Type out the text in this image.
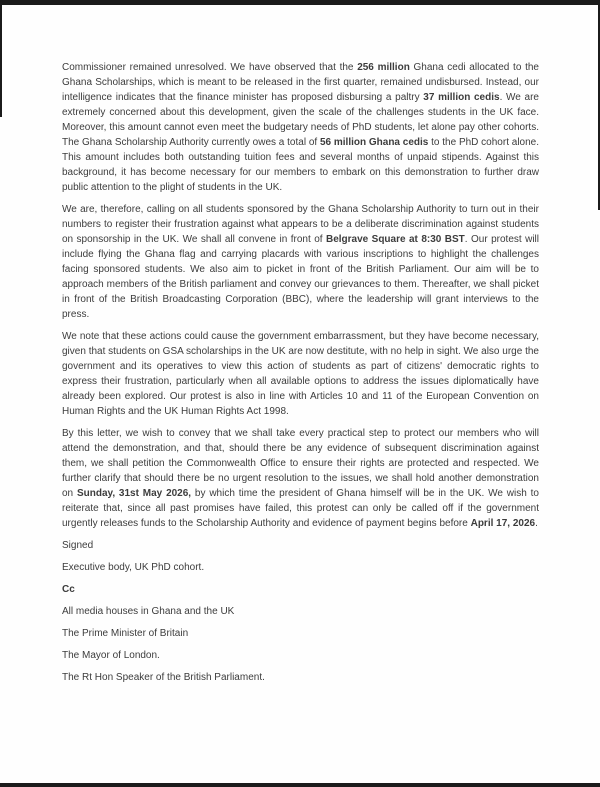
Commissioner remained unresolved. We have observed that the 256 million Ghana cedi allocated to the Ghana Scholarships, which is meant to be released in the first quarter, remained undisbursed. Instead, our intelligence indicates that the finance minister has proposed disbursing a paltry 37 million cedis. We are extremely concerned about this development, given the scale of the challenges students in the UK face. Moreover, this amount cannot even meet the budgetary needs of PhD students, let alone pay other cohorts. The Ghana Scholarship Authority currently owes a total of 56 million Ghana cedis to the PhD cohort alone. This amount includes both outstanding tuition fees and several months of unpaid stipends. Against this background, it has become necessary for our members to embark on this demonstration to further draw public attention to the plight of students in the UK.

We are, therefore, calling on all students sponsored by the Ghana Scholarship Authority to turn out in their numbers to register their frustration against what appears to be a deliberate discrimination against students on sponsorship in the UK. We shall all convene in front of Belgrave Square at 8:30 BST. Our protest will include flying the Ghana flag and carrying placards with various inscriptions to highlight the challenges facing sponsored students. We also aim to picket in front of the British Parliament. Our aim will be to approach members of the British parliament and convey our grievances to them. Thereafter, we shall picket in front of the British Broadcasting Corporation (BBC), where the leadership will grant interviews to the press.

We note that these actions could cause the government embarrassment, but they have become necessary, given that students on GSA scholarships in the UK are now destitute, with no help in sight. We also urge the government and its operatives to view this action of students as part of citizens' democratic rights to express their frustration, particularly when all available options to address the issues diplomatically have already been explored. Our protest is also in line with Articles 10 and 11 of the European Convention on Human Rights and the UK Human Rights Act 1998.

By this letter, we wish to convey that we shall take every practical step to protect our members who will attend the demonstration, and that, should there be any evidence of subsequent discrimination against them, we shall petition the Commonwealth Office to ensure their rights are protected and respected. We further clarify that should there be no urgent resolution to the issues, we shall hold another demonstration on Sunday, 31st May 2026, by which time the president of Ghana himself will be in the UK. We wish to reiterate that, since all past promises have failed, this protest can only be called off if the government urgently releases funds to the Scholarship Authority and evidence of payment begins before April 17, 2026.

Signed

Executive body, UK PhD cohort.

Cc

All media houses in Ghana and the UK

The Prime Minister of Britain

The Mayor of London.

The Rt Hon Speaker of the British Parliament.
